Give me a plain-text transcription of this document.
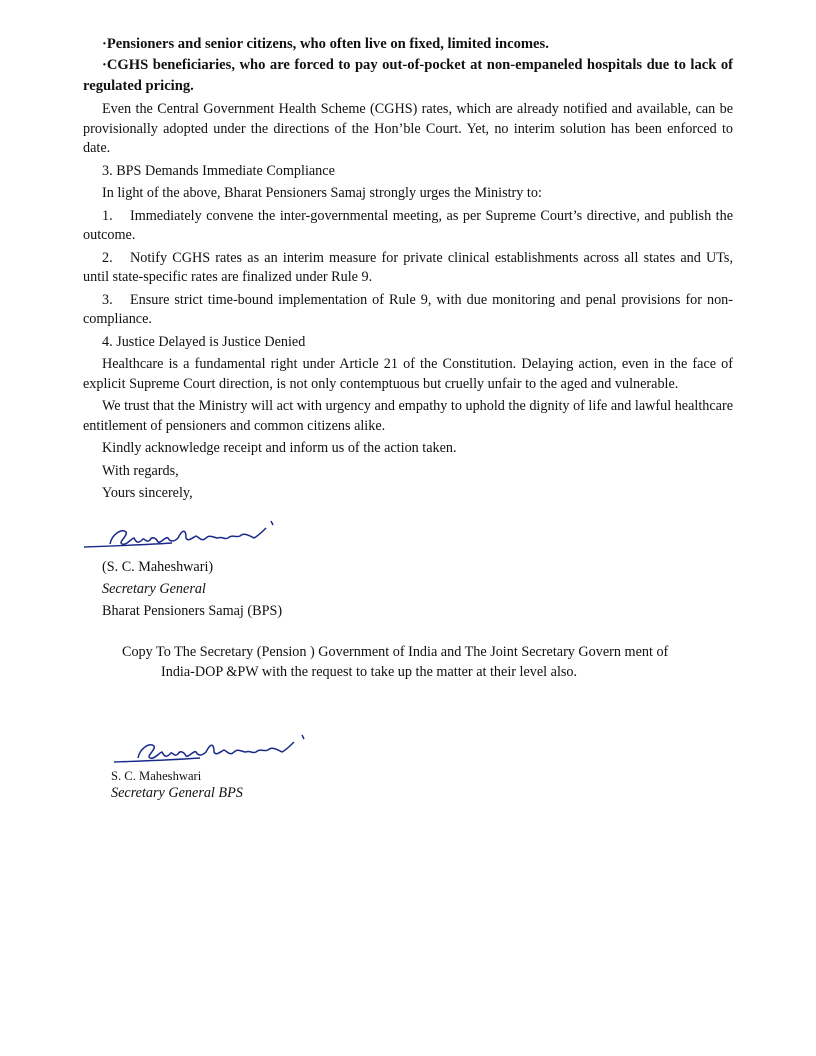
·Pensioners and senior citizens, who often live on fixed, limited incomes.

·CGHS beneficiaries, who are forced to pay out-of-pocket at non-empaneled hospitals due to lack of regulated pricing.

Even the Central Government Health Scheme (CGHS) rates, which are already notified and available, can be provisionally adopted under the directions of the Hon’ble Court. Yet, no interim solution has been enforced to date.

3. BPS Demands Immediate Compliance

In light of the above, Bharat Pensioners Samaj strongly urges the Ministry to:

1. Immediately convene the inter-governmental meeting, as per Supreme Court’s directive, and publish the outcome.

2. Notify CGHS rates as an interim measure for private clinical establishments across all states and UTs, until state-specific rates are finalized under Rule 9.

3. Ensure strict time-bound implementation of Rule 9, with due monitoring and penal provisions for non-compliance.

4. Justice Delayed is Justice Denied

Healthcare is a fundamental right under Article 21 of the Constitution. Delaying action, even in the face of explicit Supreme Court direction, is not only contemptuous but cruelly unfair to the aged and vulnerable.

We trust that the Ministry will act with urgency and empathy to uphold the dignity of life and lawful healthcare entitlement of pensioners and common citizens alike.

Kindly acknowledge receipt and inform us of the action taken.

With regards,

Yours sincerely,

(S. C. Maheshwari)
Secretary General
Bharat Pensioners Samaj (BPS)
Copy To The Secretary (Pension ) Government of India and The Joint Secretary Govern ment of
India-DOP &PW with the request to take up the matter at their level also.
S. C. Maheshwari
Secretary General BPS
